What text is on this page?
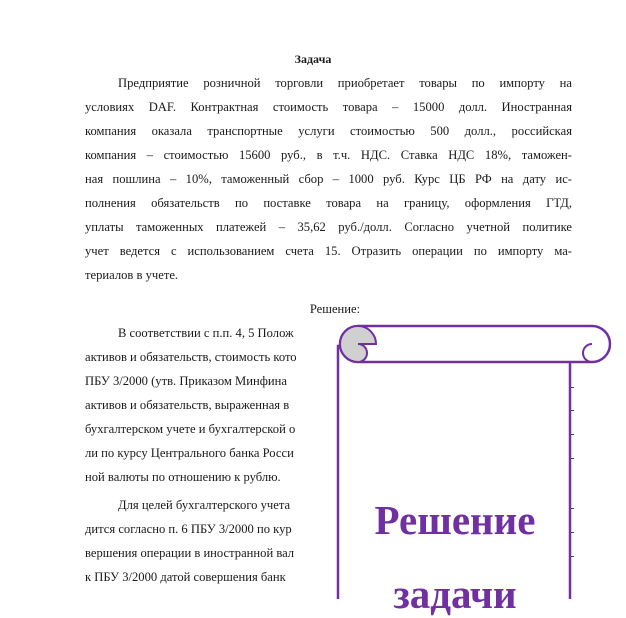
Задача
Предприятие розничной торговли приобретает товары по импорту на
условиях DAF. Контрактная стоимость товара – 15000 долл. Иностранная
компания оказала транспортные услуги стоимостью 500 долл., российская
компания – стоимостью 15600 руб., в т.ч. НДС. Ставка НДС 18%, таможен-
ная пошлина – 10%, таможенный сбор – 1000 руб. Курс ЦБ РФ на дату ис-
полнения обязательств по поставке товара на границу, оформления ГТД,
уплаты таможенных платежей – 35,62 руб./долл. Согласно учетной политике
учет ведется с использованием счета 15. Отразить операции по импорту ма-
териалов в учете.
Решение:
В соответствии с п.п. 4, 5 Полож
активов и обязательств, стоимость кото
ПБУ 3/2000 (утв. Приказом Минфина
активов и обязательств, выраженная в
бухгалтерском учете и бухгалтерской о
ли по курсу Центрального банка Росси
ной валюты по отношению к рублю.
Для целей бухгалтерского учета
дится согласно п. 6 ПБУ 3/2000 по кур
вершения операции в иностранной вал
к ПБУ 3/2000 датой совершения банк
Решение
задачи
